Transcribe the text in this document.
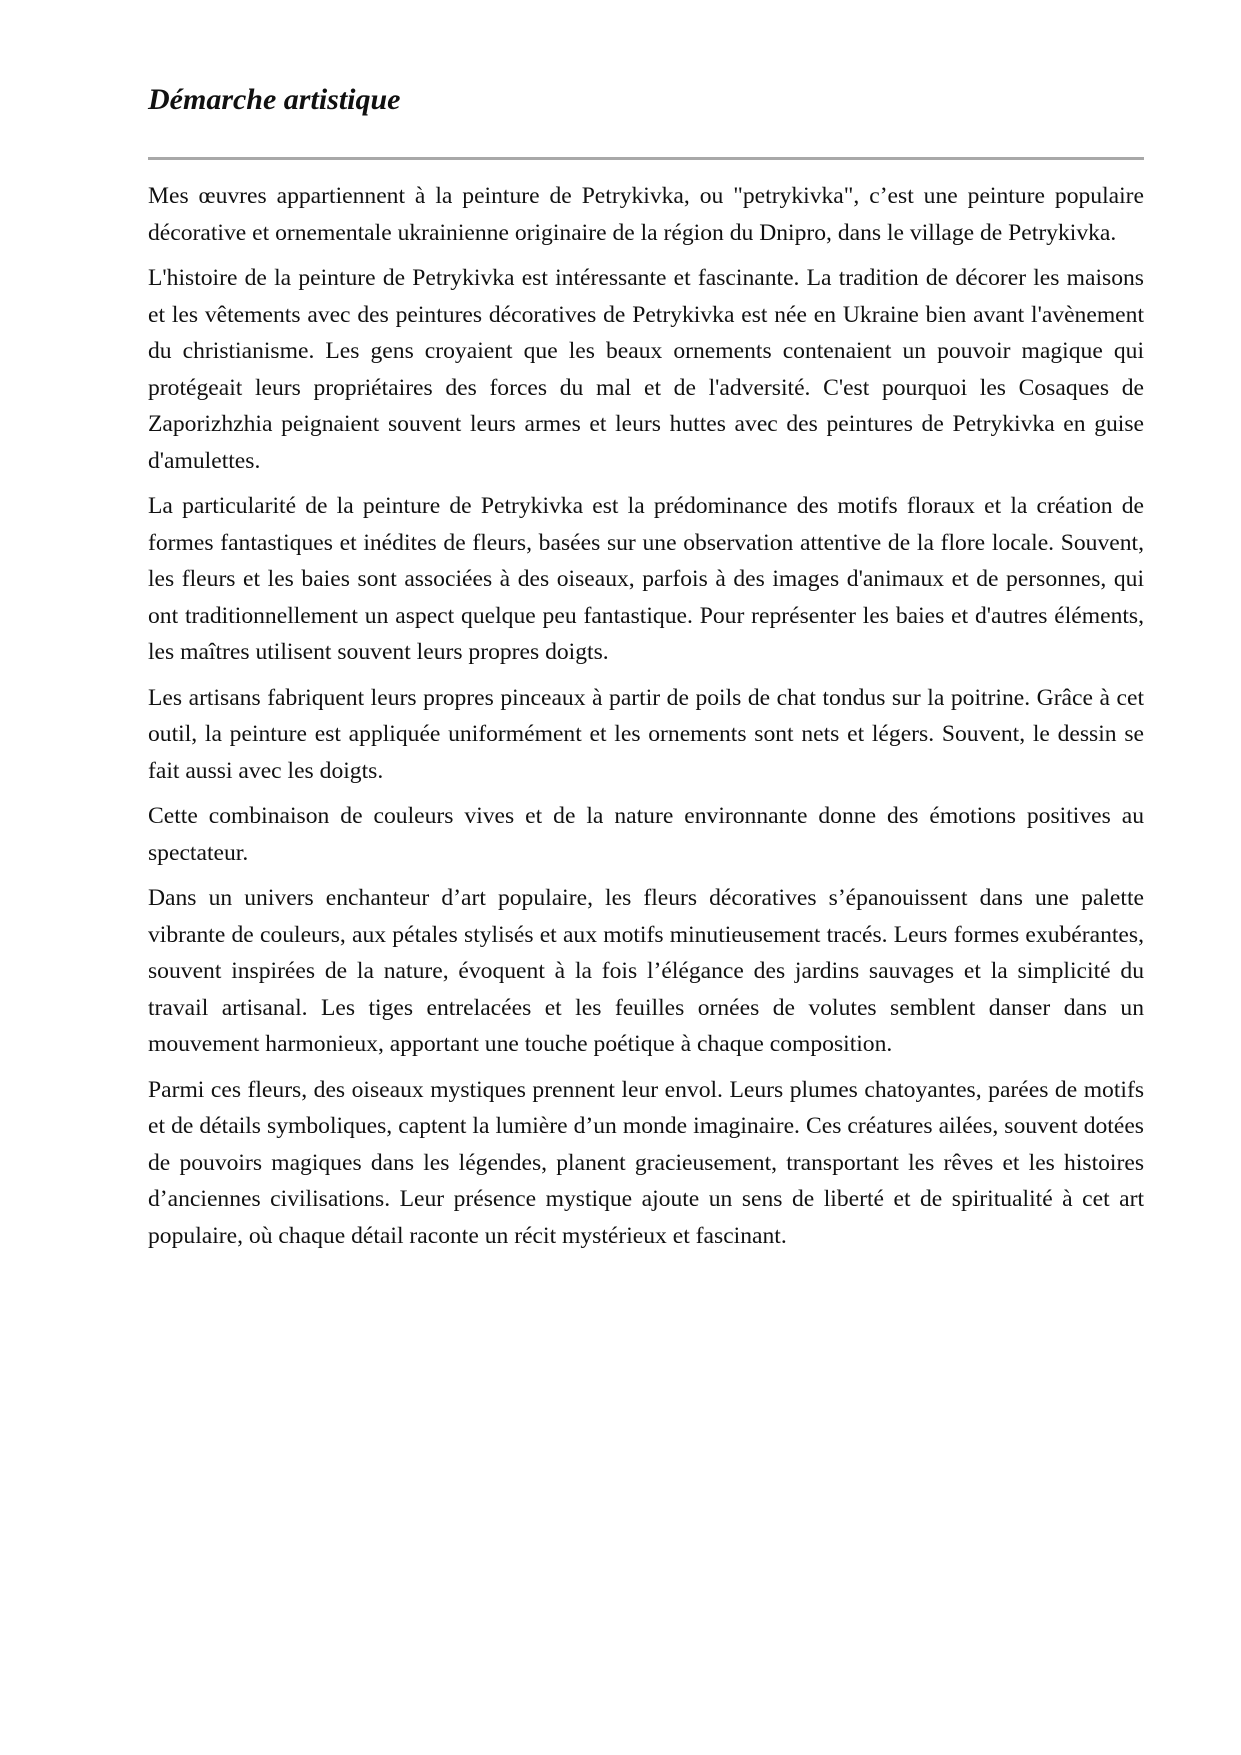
Démarche artistique

Mes œuvres appartiennent à la peinture de Petrykivka, ou "petrykivka", c’est une peinture populaire décorative et ornementale ukrainienne originaire de la région du Dnipro, dans le village de Petrykivka.

L'histoire de la peinture de Petrykivka est intéressante et fascinante. La tradition de décorer les maisons et les vêtements avec des peintures décoratives de Petrykivka est née en Ukraine bien avant l'avènement du christianisme. Les gens croyaient que les beaux ornements contenaient un pouvoir magique qui protégeait leurs propriétaires des forces du mal et de l'adversité. C'est pourquoi les Cosaques de Zaporizhzhia peignaient souvent leurs armes et leurs huttes avec des peintures de Petrykivka en guise d'amulettes.

La particularité de la peinture de Petrykivka est la prédominance des motifs floraux et la création de formes fantastiques et inédites de fleurs, basées sur une observation attentive de la flore locale. Souvent, les fleurs et les baies sont associées à des oiseaux, parfois à des images d'animaux et de personnes, qui ont traditionnellement un aspect quelque peu fantastique. Pour représenter les baies et d'autres éléments, les maîtres utilisent souvent leurs propres doigts.

Les artisans fabriquent leurs propres pinceaux à partir de poils de chat tondus sur la poitrine. Grâce à cet outil, la peinture est appliquée uniformément et les ornements sont nets et légers. Souvent, le dessin se fait aussi avec les doigts.

Cette combinaison de couleurs vives et de la nature environnante donne des émotions positives au spectateur.

Dans un univers enchanteur d’art populaire, les fleurs décoratives s’épanouissent dans une palette vibrante de couleurs, aux pétales stylisés et aux motifs minutieusement tracés. Leurs formes exubérantes, souvent inspirées de la nature, évoquent à la fois l’élégance des jardins sauvages et la simplicité du travail artisanal. Les tiges entrelacées et les feuilles ornées de volutes semblent danser dans un mouvement harmonieux, apportant une touche poétique à chaque composition.

Parmi ces fleurs, des oiseaux mystiques prennent leur envol. Leurs plumes chatoyantes, parées de motifs et de détails symboliques, captent la lumière d’un monde imaginaire. Ces créatures ailées, souvent dotées de pouvoirs magiques dans les légendes, planent gracieusement, transportant les rêves et les histoires d’anciennes civilisations. Leur présence mystique ajoute un sens de liberté et de spiritualité à cet art populaire, où chaque détail raconte un récit mystérieux et fascinant.
